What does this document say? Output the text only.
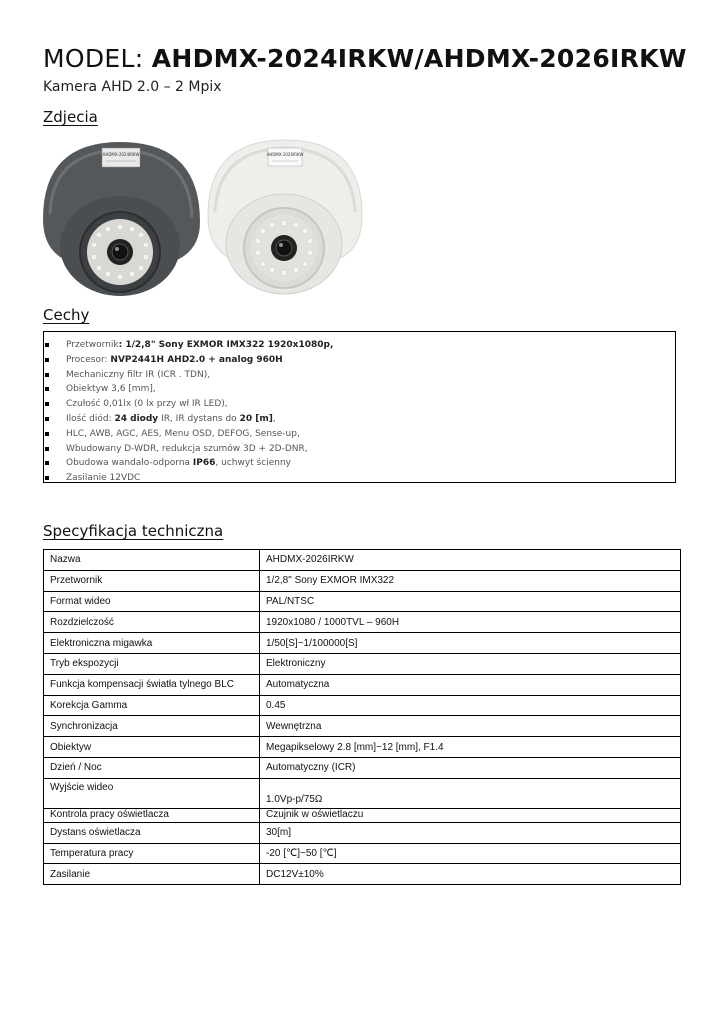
MODEL: AHDMX-2024IRKW/AHDMX-2026IRKW
Kamera AHD 2.0 – 2 Mpix
Zdjecia
AHDMX-2024IRKW	AHDMX-2026IRKW
Cechy
Przetwornik: 1/2,8" Sony EXMOR IMX322 1920x1080p,
Procesor: NVP2441H AHD2.0 + analog 960H
Mechaniczny filtr IR (ICR . TDN),
Obiektyw 3,6 [mm],
Czułość 0,01lx (0 lx przy wł IR LED),
Ilość diód: 24 diody IR, IR dystans do 20 [m],
HLC, AWB, AGC, AES, Menu OSD, DEFOG, Sense-up,
Wbudowany D-WDR, redukcja szumów 3D + 2D-DNR,
Obudowa wandalo-odporna IP66, uchwyt ścienny
Zasilanie 12VDC
Specyfikacja techniczna
Nazwa	AHDMX-2026IRKW
Przetwornik	1/2,8" Sony EXMOR IMX322
Format wideo	PAL/NTSC
Rozdzielczość	1920x1080 / 1000TVL – 960H
Elektroniczna migawka	1/50[S]~1/100000[S]
Tryb ekspozycji	Elektroniczny
Funkcja kompensacji światła tylnego BLC	Automatyczna
Korekcja Gamma	0.45
Synchronizacja	Wewnętrzna
Obiektyw	Megapikselowy 2.8 [mm]~12 [mm], F1.4
Dzień / Noc	Automatyczny (ICR)
Wyjście wideo	1.0Vp-p/75Ω
Kontrola pracy oświetlacza	Czujnik w oświetlaczu
Dystans oświetlacza	30[m]
Temperatura pracy	-20 [℃]~50 [℃]
Zasilanie	DC12V±10%
